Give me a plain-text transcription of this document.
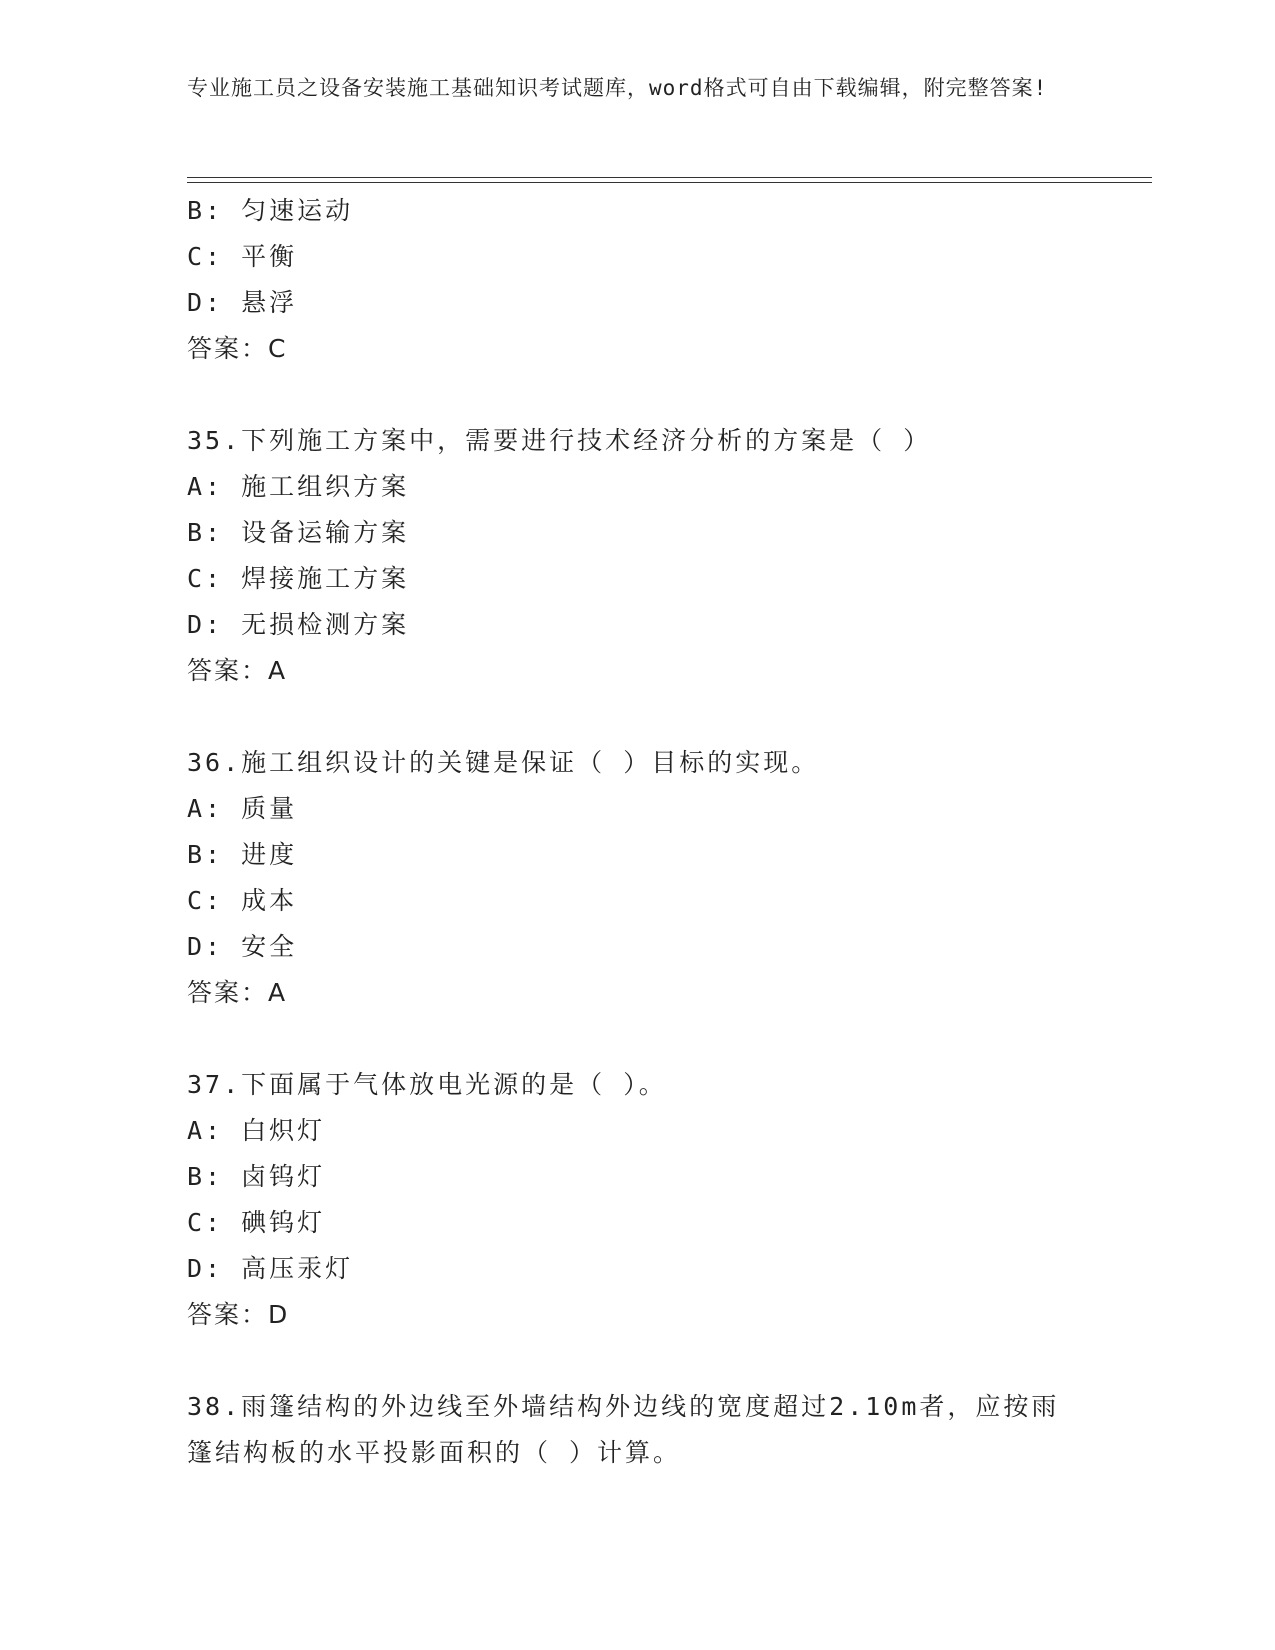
专业施工员之设备安装施工基础知识考试题库，word格式可自由下载编辑，附完整答案!
B: 匀速运动
C: 平衡
D: 悬浮
答案：C
35.下列施工方案中，需要进行技术经济分析的方案是（ ）
A: 施工组织方案
B: 设备运输方案
C: 焊接施工方案
D: 无损检测方案
答案：A
36.施工组织设计的关键是保证（ ）目标的实现。
A: 质量
B: 进度
C: 成本
D: 安全
答案：A
37.下面属于气体放电光源的是（ ）。
A: 白炽灯
B: 卤钨灯
C: 碘钨灯
D: 高压汞灯
答案：D
38.雨篷结构的外边线至外墙结构外边线的宽度超过2.10m者，应按雨篷结构板的水平投影面积的（ ）计算。
